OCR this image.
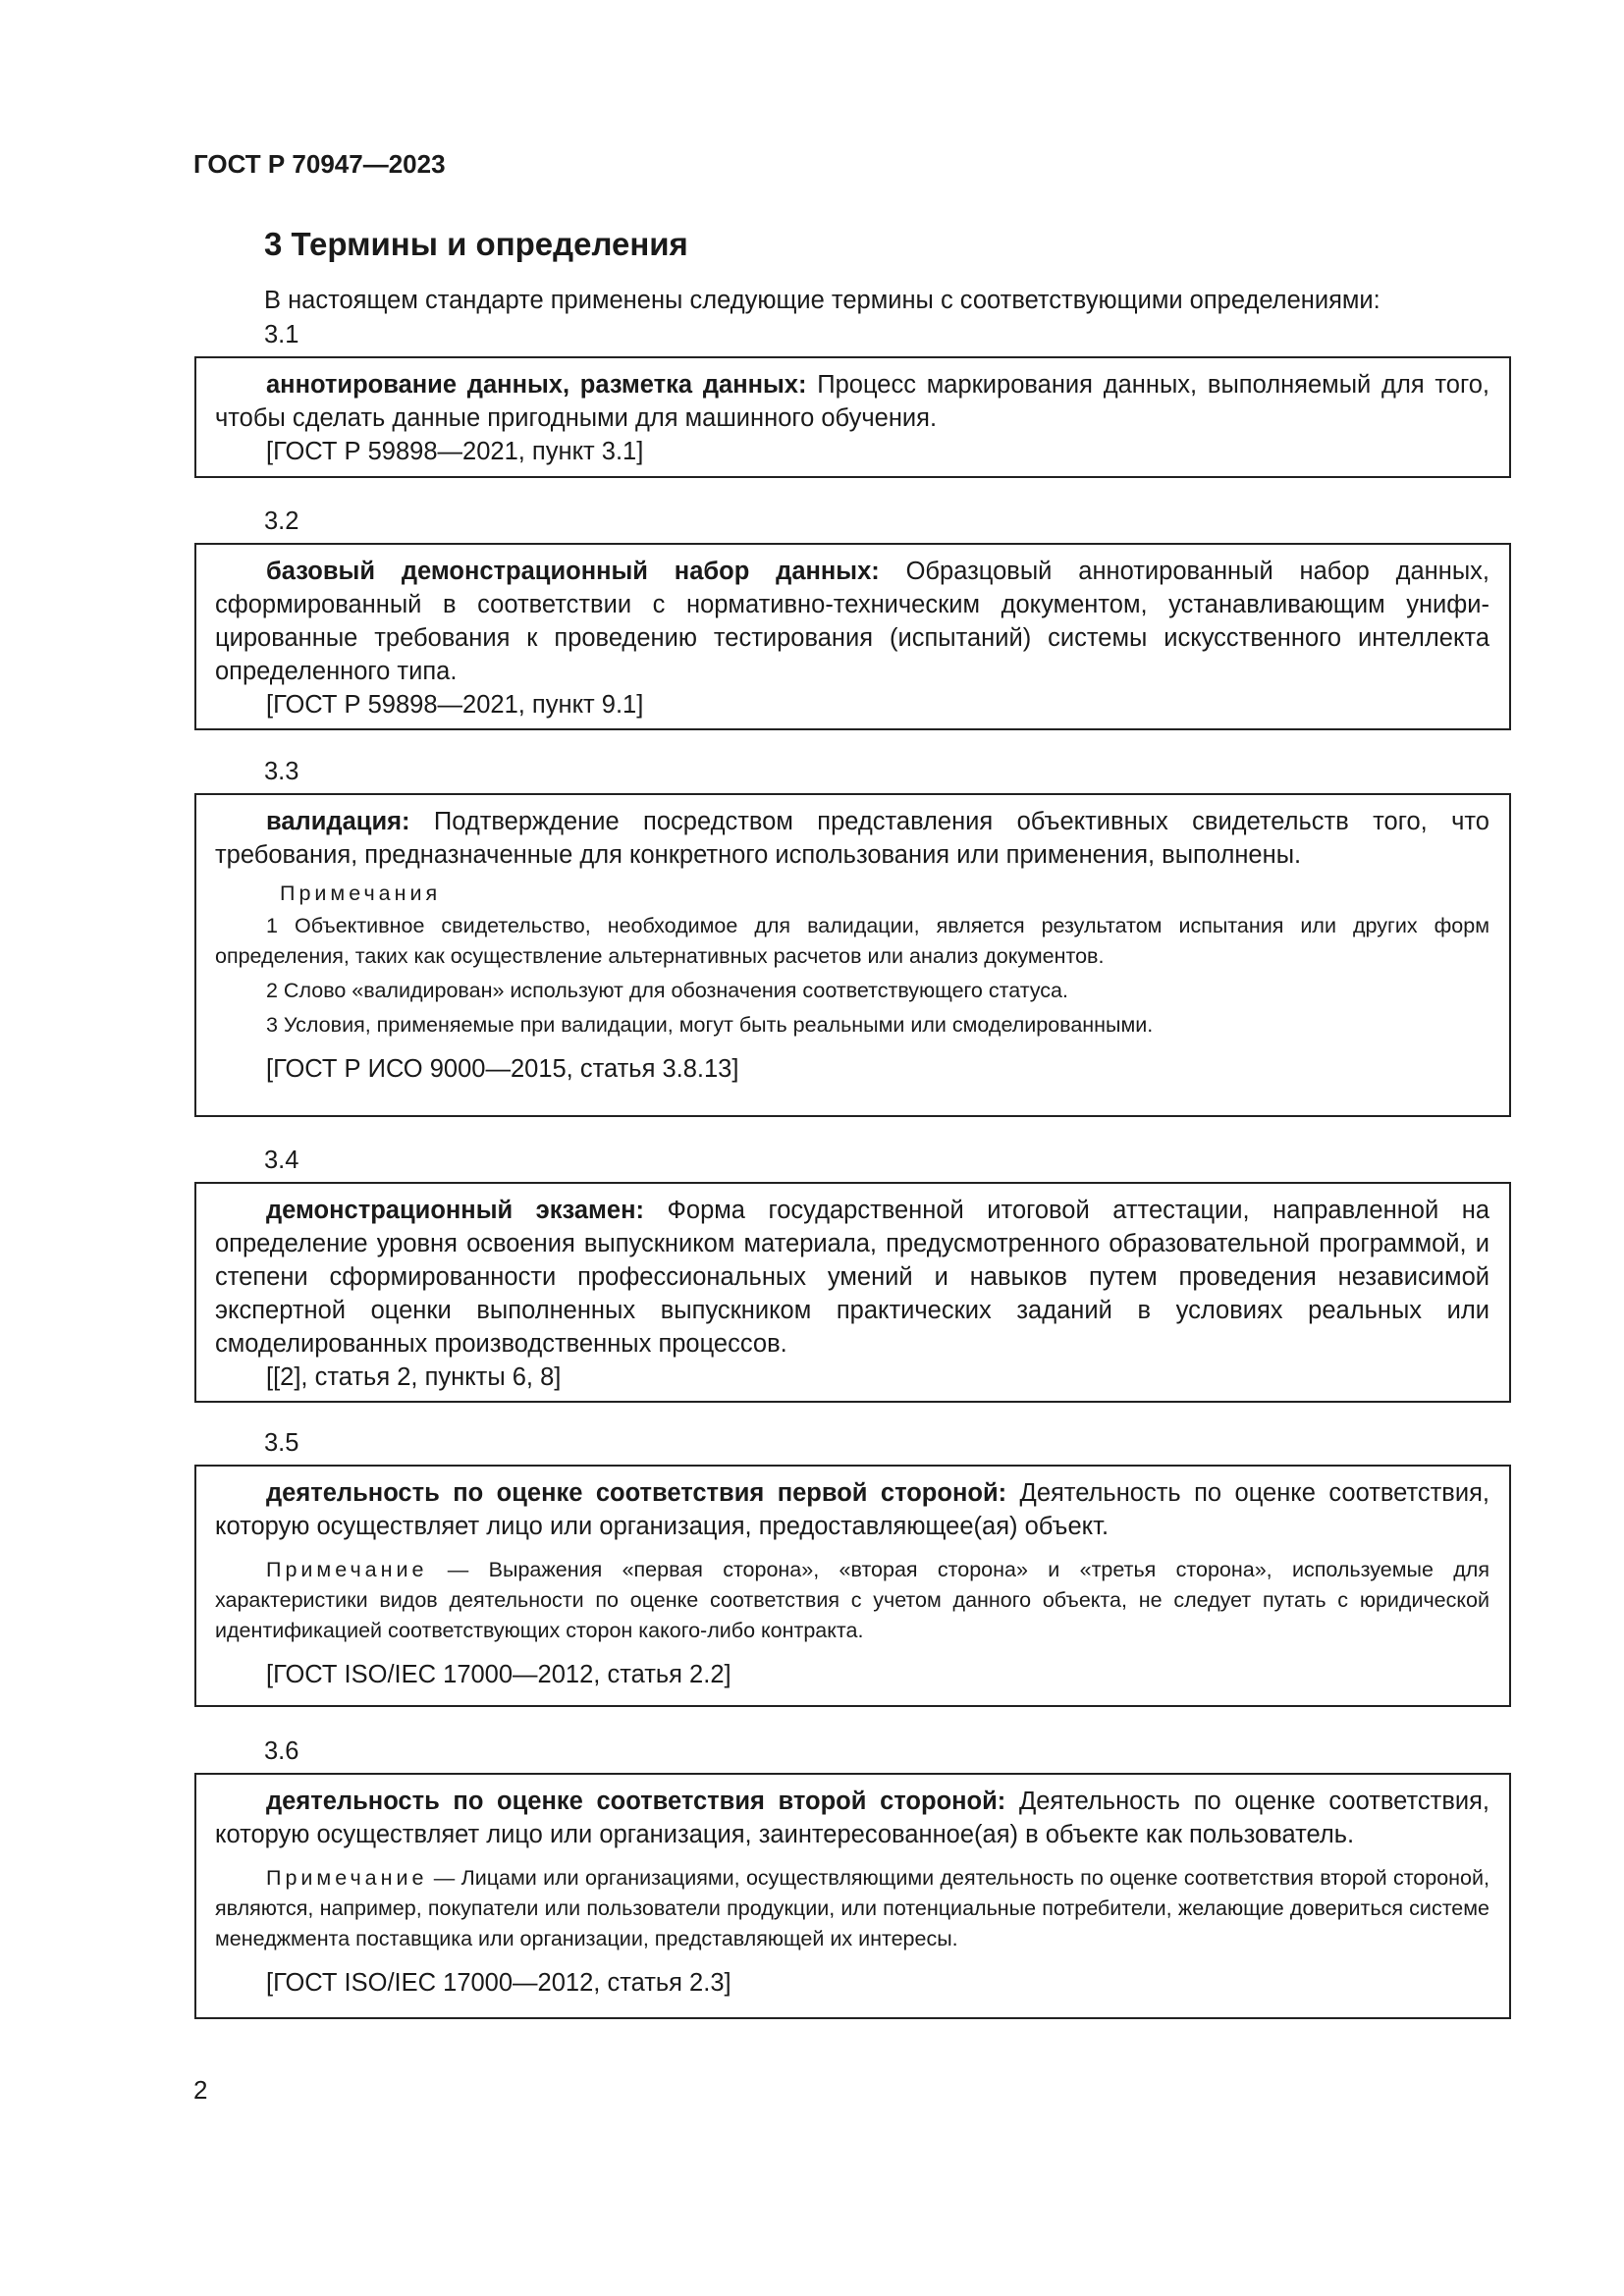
ГОСТ Р 70947—2023
3 Термины и определения
В настоящем стандарте применены следующие термины с соответствующими определениями:
3.1

аннотирование данных, разметка данных: Процесс маркирования данных, выполняемый для того, чтобы сделать данные пригодными для машинного обучения.

[ГОСТ Р 59898—2021, пункт 3.1]

3.2

базовый демонстрационный набор данных: Образцовый аннотированный набор данных, сформированный в соответствии с нормативно-техническим документом, устанавливающим унифицированные требования к проведению тестирования (испытаний) системы искусственного интеллекта определенного типа.

[ГОСТ Р 59898—2021, пункт 9.1]

3.3

валидация: Подтверждение посредством представления объективных свидетельств того, что требования, предназначенные для конкретного использования или применения, выполнены.

Примечания

1 Объективное свидетельство, необходимое для валидации, является результатом испытания или других форм определения, таких как осуществление альтернативных расчетов или анализ документов.

2 Слово «валидирован» используют для обозначения соответствующего статуса.

3 Условия, применяемые при валидации, могут быть реальными или смоделированными.

[ГОСТ Р ИСО 9000—2015, статья 3.8.13]

3.4

демонстрационный экзамен: Форма государственной итоговой аттестации, направленной на определение уровня освоения выпускником материала, предусмотренного образовательной программой, и степени сформированности профессиональных умений и навыков путем проведения независимой экспертной оценки выполненных выпускником практических заданий в условиях реальных или смоделированных производственных процессов.

[[2], статья 2, пункты 6, 8]

3.5

деятельность по оценке соответствия первой стороной: Деятельность по оценке соответствия, которую осуществляет лицо или организация, предоставляющее(ая) объект.

Примечание — Выражения «первая сторона», «вторая сторона» и «третья сторона», используемые для характеристики видов деятельности по оценке соответствия с учетом данного объекта, не следует путать с юридической идентификацией соответствующих сторон какого-либо контракта.

[ГОСТ ISO/IEC 17000—2012, статья 2.2]

3.6

деятельность по оценке соответствия второй стороной: Деятельность по оценке соответствия, которую осуществляет лицо или организация, заинтересованное(ая) в объекте как пользователь.

Примечание — Лицами или организациями, осуществляющими деятельность по оценке соответствия второй стороной, являются, например, покупатели или пользователи продукции, или потенциальные потребители, желающие довериться системе менеджмента поставщика или организации, представляющей их интересы.

[ГОСТ ISO/IEC 17000—2012, статья 2.3]

2
